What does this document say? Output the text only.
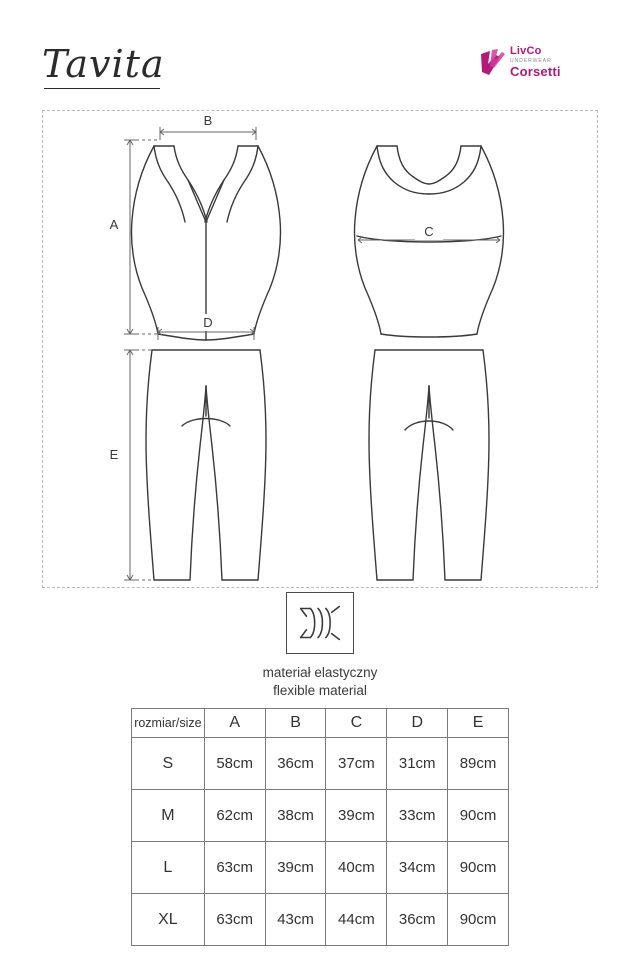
Tavita	LivCo
UNDERWEAR
Corsetti
B
A	C
D
E
materiał elastyczny
flexible material
rozmiar/size	A	B	C	D	E
S	58cm	36cm	37cm	31cm	89cm
M	62cm	38cm	39cm	33cm	90cm
L	63cm	39cm	40cm	34cm	90cm
XL	63cm	43cm	44cm	36cm	90cm
